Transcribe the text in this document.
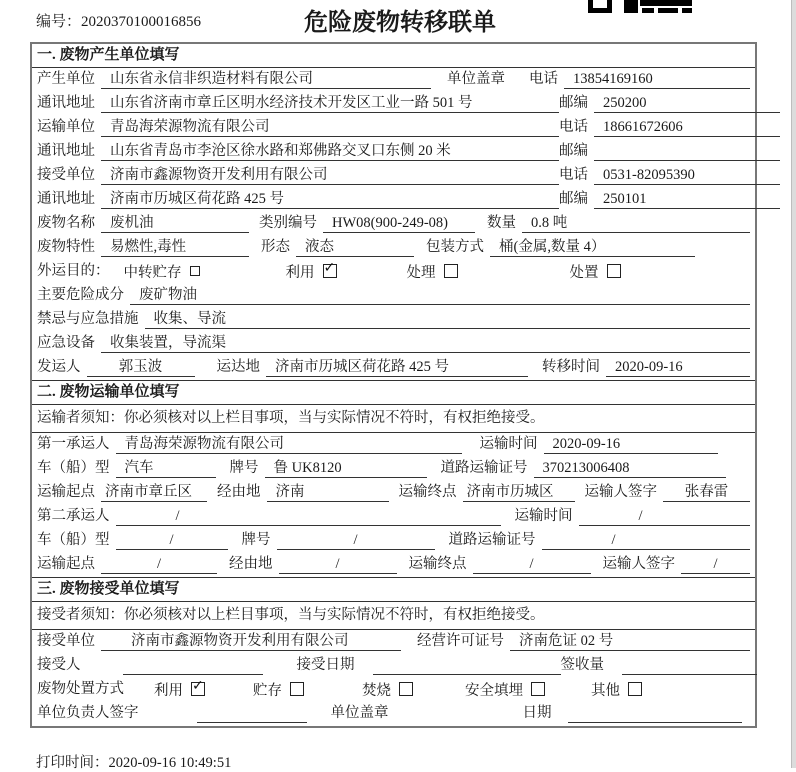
编号：2020370100016856	危险废物转移联单
一. 废物产生单位填写
产生单位	山东省永信非织造材料有限公司	单位盖章 电话	13854169160
通讯地址	山东省济南市章丘区明水经济技术开发区工业一路 501 号	邮编	250200
运输单位	青岛海荣源物流有限公司	电话	18661672606
通讯地址	山东省青岛市李沧区徐水路和郑佛路交叉口东侧 20 米	邮编
接受单位	济南市鑫源物资开发利用有限公司	电话	0531-82095390
通讯地址	济南市历城区荷花路 425 号	邮编	250101
废物名称	废机油	类别编号	HW08(900-249-08)	数量	0.8 吨
废物特性	易燃性,毒性	形态	液态	包装方式	桶(金属,数量 4）
外运目的： 中转贮存	利用 ✓	处理	处置
主要危险成分	废矿物油
禁忌与应急措施	收集、导流
应急设备	收集装置，导流渠
发运人	郭玉波	运达地	济南市历城区荷花路 425 号	转移时间	2020-09-16
二. 废物运输单位填写
运输者须知：你必须核对以上栏目事项，当与实际情况不符时，有权拒绝接受。
第一承运人	青岛海荣源物流有限公司	运输时间	2020-09-16
车（船）型	汽车	牌号	鲁 UK8120	道路运输证号	370213006408
运输起点 济南市章丘区	经由地	济南	运输终点 济南市历城区	运输人签字	张春雷
第二承运人	/	运输时间	/
车（船）型	/	牌号	/	道路运输证号	/
运输起点	/	经由地	/	运输终点	/	运输人签字	/
三. 废物接受单位填写
接受者须知：你必须核对以上栏目事项，当与实际情况不符时，有权拒绝接受。
接受单位	济南市鑫源物资开发利用有限公司	经营许可证号	济南危证 02 号
接受人	接受日期	签收量
废物处置方式 利用 ✓	贮存	焚烧	安全填埋	其他
单位负责人签字	单位盖章	日期
打印时间：2020-09-16 10:49:51
